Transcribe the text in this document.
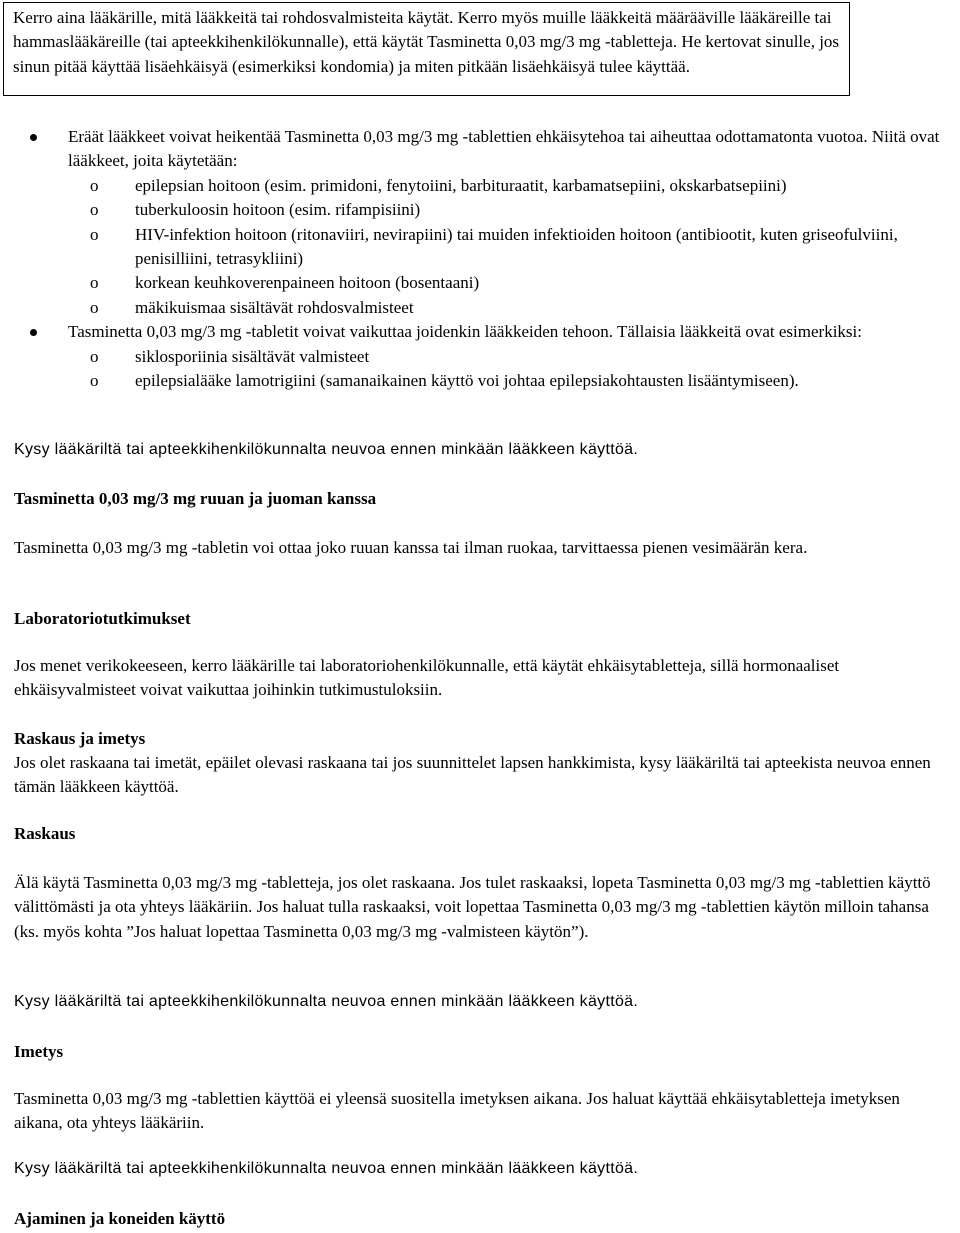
Kerro aina lääkärille, mitä lääkkeitä tai rohdosvalmisteita käytät. Kerro myös muille lääkkeitä määrääville lääkäreille tai hammaslääkäreille (tai apteekkihenkilökunnalle), että käytät Tasminetta 0,03 mg/3 mg -tabletteja. He kertovat sinulle, jos sinun pitää käyttää lisäehkäisyä (esimerkiksi kondomia) ja miten pitkään lisäehkäisyä tulee käyttää.

Eräät lääkkeet voivat heikentää Tasminetta 0,03 mg/3 mg -tablettien ehkäisytehoa tai aiheuttaa odottamatonta vuotoa. Niitä ovat lääkkeet, joita käytetään:
o epilepsian hoitoon (esim. primidoni, fenytoiini, barbituraatit, karbamatsepiini, okskarbatsepiini)
o tuberkuloosin hoitoon (esim. rifampisiini)
o HIV-infektion hoitoon (ritonaviiri, nevirapiini) tai muiden infektioiden hoitoon (antibiootit, kuten griseofulviini, penisilliini, tetrasykliini)
o korkean keuhkoverenpaineen hoitoon (bosentaani)
o mäkikuismaa sisältävät rohdosvalmisteet
Tasminetta 0,03 mg/3 mg -tabletit voivat vaikuttaa joidenkin lääkkeiden tehoon. Tällaisia lääkkeitä ovat esimerkiksi:
o siklosporiinia sisältävät valmisteet
o epilepsialääke lamotrigiini (samanaikainen käyttö voi johtaa epilepsiakohtausten lisääntymiseen).

Kysy lääkäriltä tai apteekkihenkilökunnalta neuvoa ennen minkään lääkkeen käyttöä.

Tasminetta 0,03 mg/3 mg ruuan ja juoman kanssa

Tasminetta 0,03 mg/3 mg -tabletin voi ottaa joko ruuan kanssa tai ilman ruokaa, tarvittaessa pienen vesimäärän kera.

Laboratoriotutkimukset

Jos menet verikokeeseen, kerro lääkärille tai laboratoriohenkilökunnalle, että käytät ehkäisytabletteja, sillä hormonaaliset ehkäisyvalmisteet voivat vaikuttaa joihinkin tutkimustuloksiin.

Raskaus ja imetys

Jos olet raskaana tai imetät, epäilet olevasi raskaana tai jos suunnittelet lapsen hankkimista, kysy lääkäriltä tai apteekista neuvoa ennen tämän lääkkeen käyttöä.

Raskaus

Älä käytä Tasminetta 0,03 mg/3 mg -tabletteja, jos olet raskaana. Jos tulet raskaaksi, lopeta Tasminetta 0,03 mg/3 mg -tablettien käyttö välittömästi ja ota yhteys lääkäriin. Jos haluat tulla raskaaksi, voit lopettaa Tasminetta 0,03 mg/3 mg -tablettien käytön milloin tahansa (ks. myös kohta ”Jos haluat lopettaa Tasminetta 0,03 mg/3 mg -valmisteen käytön”).

Kysy lääkäriltä tai apteekkihenkilökunnalta neuvoa ennen minkään lääkkeen käyttöä.

Imetys

Tasminetta 0,03 mg/3 mg -tablettien käyttöä ei yleensä suositella imetyksen aikana. Jos haluat käyttää ehkäisytabletteja imetyksen aikana, ota yhteys lääkäriin.

Kysy lääkäriltä tai apteekkihenkilökunnalta neuvoa ennen minkään lääkkeen käyttöä.

Ajaminen ja koneiden käyttö
